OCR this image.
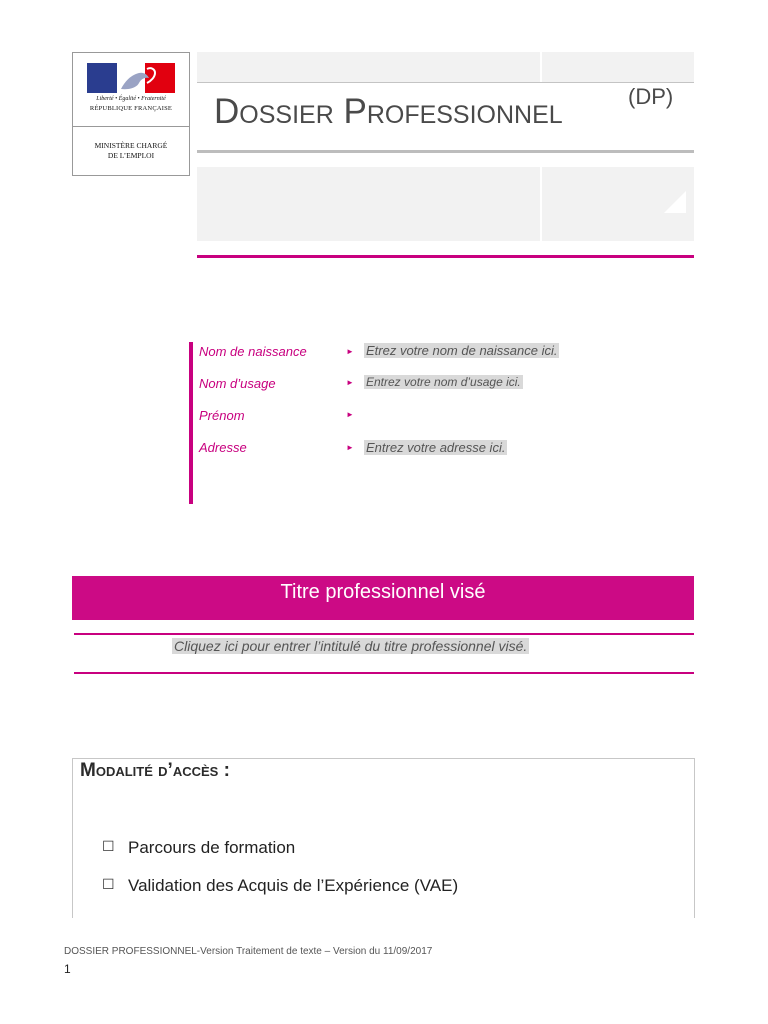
Liberté • Égalité • Fraternité
RÉPUBLIQUE FRANÇAISE
MINISTÈRE CHARGÉ
DE L’EMPLOI
Dossier Professionnel	(DP)
Nom de naissance	► Etrez votre nom de naissance ici.
Nom d’usage	► Entrez votre nom d’usage ici.
Prénom	►
Adresse	► Entrez votre adresse ici.
Titre professionnel visé
Cliquez ici pour entrer l’intitulé du titre professionnel visé.
Modalité d’accès :
☐ Parcours de formation
☐ Validation des Acquis de l’Expérience (VAE)
DOSSIER PROFESSIONNEL-Version Traitement de texte – Version du 11/09/2017
1
